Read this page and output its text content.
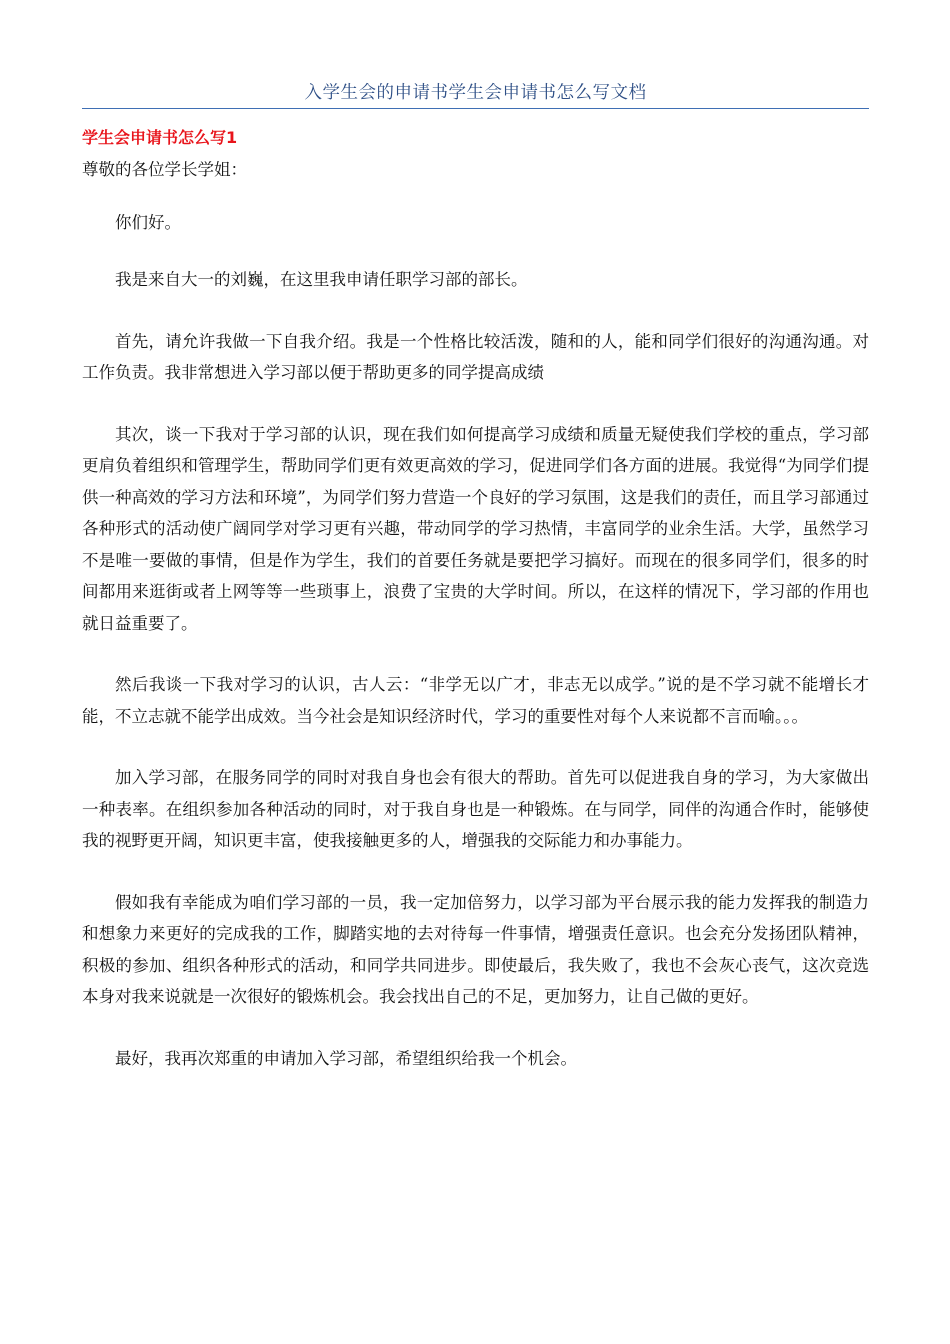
入学生会的申请书学生会申请书怎么写文档
学生会申请书怎么写1

尊敬的各位学长学姐：

你们好。

我是来自大一的刘巍，在这里我申请任职学习部的部长。

首先，请允许我做一下自我介绍。我是一个性格比较活泼，随和的人，能和同学们很好的沟通沟通。对工作负责。我非常想进入学习部以便于帮助更多的同学提高成绩

其次，谈一下我对于学习部的认识，现在我们如何提高学习成绩和质量无疑使我们学校的重点，学习部更肩负着组织和管理学生，帮助同学们更有效更高效的学习，促进同学们各方面的进展。我觉得“为同学们提供一种高效的学习方法和环境”，为同学们努力营造一个良好的学习氛围，这是我们的责任，而且学习部通过各种形式的活动使广阔同学对学习更有兴趣，带动同学的学习热情，丰富同学的业余生活。大学，虽然学习不是唯一要做的事情，但是作为学生，我们的首要任务就是要把学习搞好。而现在的很多同学们，很多的时间都用来逛街或者上网等等一些琐事上，浪费了宝贵的大学时间。所以，在这样的情况下，学习部的作用也就日益重要了。

然后我谈一下我对学习的认识，古人云：“非学无以广才，非志无以成学。”说的是不学习就不能增长才能，不立志就不能学出成效。当今社会是知识经济时代，学习的重要性对每个人来说都不言而喻。。。

加入学习部，在服务同学的同时对我自身也会有很大的帮助。首先可以促进我自身的学习，为大家做出一种表率。在组织参加各种活动的同时，对于我自身也是一种锻炼。在与同学，同伴的沟通合作时，能够使我的视野更开阔，知识更丰富，使我接触更多的人，增强我的交际能力和办事能力。

假如我有幸能成为咱们学习部的一员，我一定加倍努力，以学习部为平台展示我的能力发挥我的制造力和想象力来更好的完成我的工作，脚踏实地的去对待每一件事情，增强责任意识。也会充分发扬团队精神，积极的参加、组织各种形式的活动，和同学共同进步。即使最后，我失败了，我也不会灰心丧气，这次竞选本身对我来说就是一次很好的锻炼机会。我会找出自己的不足，更加努力，让自己做的更好。

最好，我再次郑重的申请加入学习部，希望组织给我一个机会。
